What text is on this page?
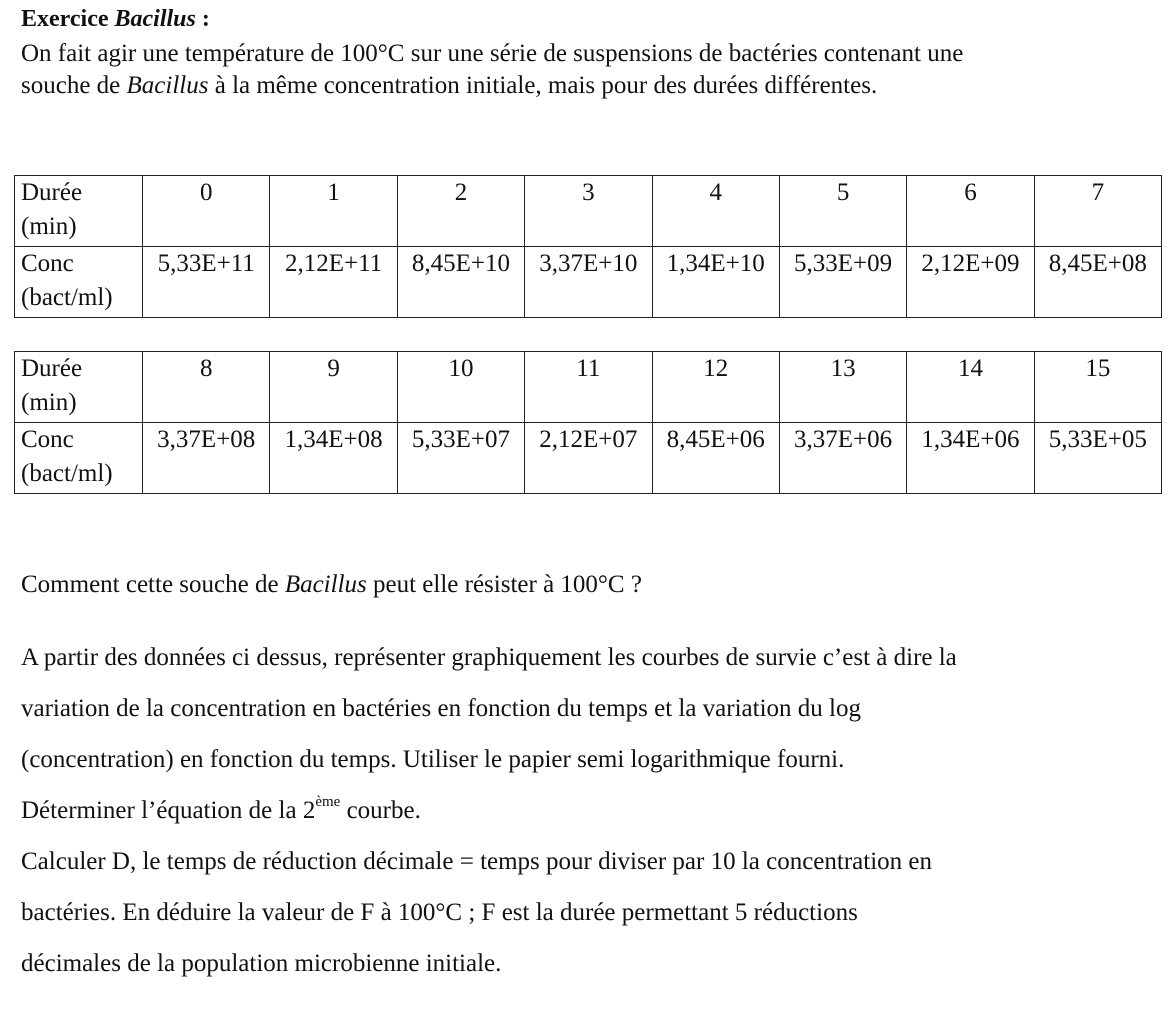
Exercice Bacillus :

On fait agir une température de 100°C sur une série de suspensions de bactéries contenant une

souche de Bacillus à la même concentration initiale, mais pour des durées différentes.

Durée
(min)	0	1	2	3	4	5	6	7
Conc
(bact/ml)	5,33E+11	2,12E+11	8,45E+10	3,37E+10	1,34E+10	5,33E+09	2,12E+09	8,45E+08
Durée
(min)	8	9	10	11	12	13	14	15
Conc
(bact/ml)	3,37E+08	1,34E+08	5,33E+07	2,12E+07	8,45E+06	3,37E+06	1,34E+06	5,33E+05

Comment cette souche de Bacillus peut elle résister à 100°C ?

A partir des données ci dessus, représenter graphiquement les courbes de survie c’est à dire la

variation de la concentration en bactéries en fonction du temps et la variation du log

(concentration) en fonction du temps. Utiliser le papier semi logarithmique fourni.

Déterminer l’équation de la 2ème courbe.

Calculer D, le temps de réduction décimale = temps pour diviser par 10 la concentration en

bactéries. En déduire la valeur de F à 100°C ; F est la durée permettant 5 réductions

décimales de la population microbienne initiale.
